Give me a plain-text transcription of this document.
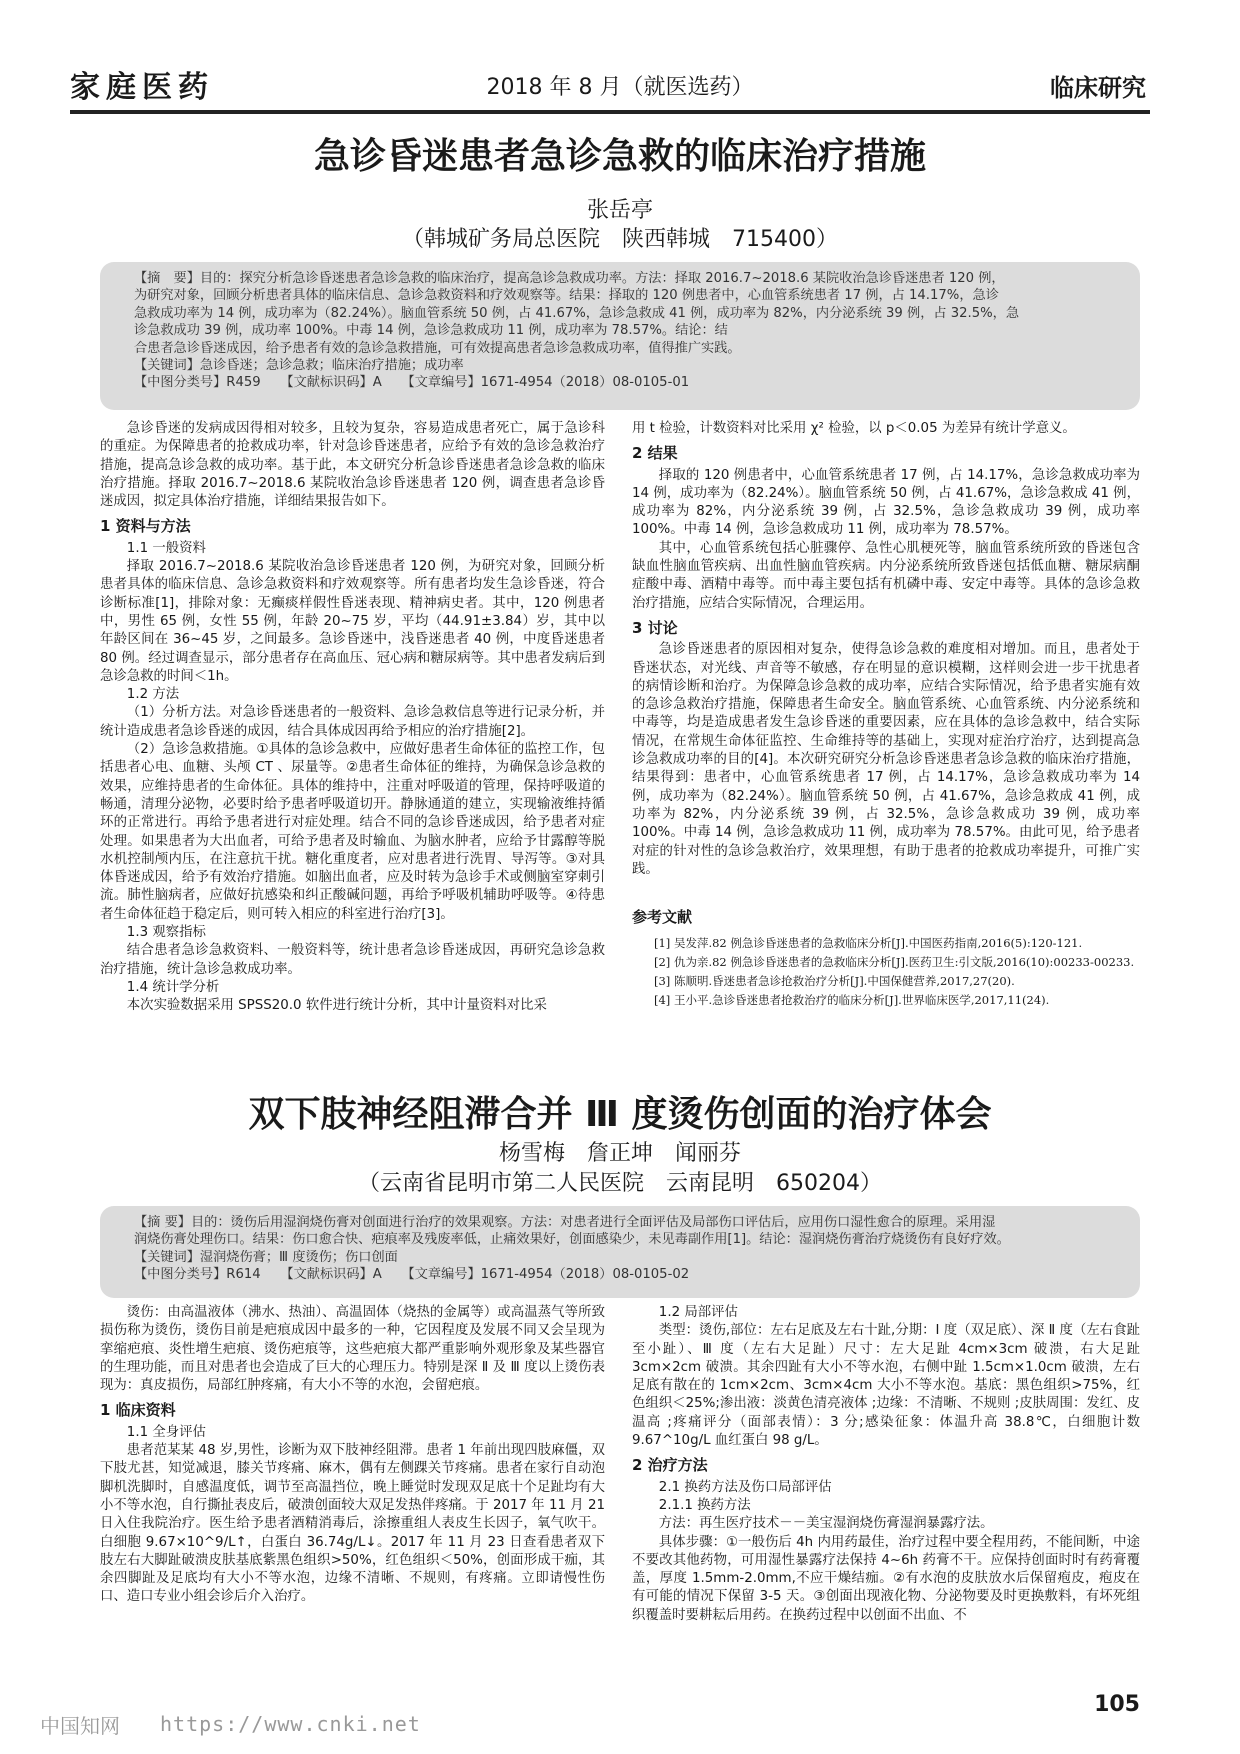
家庭医药	2018 年 8 月（就医选药）	临床研究
急诊昏迷患者急诊急救的临床治疗措施
张岳亭
（韩城矿务局总医院　陕西韩城　715400）

【摘　要】目的：探究分析急诊昏迷患者急诊急救的临床治疗，提高急诊急救成功率。方法：择取 2016.7~2018.6 某院收治急诊昏迷患者 120 例，

为研究对象，回顾分析患者具体的临床信息、急诊急救资料和疗效观察等。结果：择取的 120 例患者中，心血管系统患者 17 例，占 14.17%，急诊

急救成功率为 14 例，成功率为（82.24%）。脑血管系统 50 例，占 41.67%，急诊急救成 41 例，成功率为 82%，内分泌系统 39 例，占 32.5%，急

诊急救成功 39 例，成功率 100%。中毒 14 例，急诊急救成功 11 例，成功率为 78.57%。结论：结

合患者急诊昏迷成因，给予患者有效的急诊急救措施，可有效提高患者急诊急救成功率，值得推广实践。

【关键词】急诊昏迷；急诊急救；临床治疗措施；成功率

【中图分类号】R459　　【文献标识码】A　　【文章编号】1671-4954（2018）08-0105-01

急诊昏迷的发病成因得相对较多，且较为复杂，容易造成患者死亡，属于急诊科的重症。为保障患者的抢救成功率，针对急诊昏迷患者，应给予有效的急诊急救治疗措施，提高急诊急救的成功率。基于此，本文研究分析急诊昏迷患者急诊急救的临床治疗措施。择取 2016.7~2018.6 某院收治急诊昏迷患者 120 例，调查患者急诊昏迷成因，拟定具体治疗措施，详细结果报告如下。

1 资料与方法

1.1 一般资料

择取 2016.7~2018.6 某院收治急诊昏迷患者 120 例，为研究对象，回顾分析患者具体的临床信息、急诊急救资料和疗效观察等。所有患者均发生急诊昏迷，符合诊断标准[1]，排除对象：无癫痰样假性昏迷表现、精神病史者。其中，120 例患者中，男性 65 例，女性 55 例，年龄 20~75 岁，平均（44.91±3.84）岁，其中以年龄区间在 36~45 岁，之间最多。急诊昏迷中，浅昏迷患者 40 例，中度昏迷患者 80 例。经过调查显示，部分患者存在高血压、冠心病和糖尿病等。其中患者发病后到急诊急救的时间＜1h。

1.2 方法

（1）分析方法。对急诊昏迷患者的一般资料、急诊急救信息等进行记录分析，并统计造成患者急诊昏迷的成因，结合具体成因再给予相应的治疗措施[2]。

（2）急诊急救措施。①具体的急诊急救中，应做好患者生命体征的监控工作，包括患者心电、血糖、头颅 CT 、尿量等。②患者生命体征的维持，为确保急诊急救的效果，应维持患者的生命体征。具体的维持中，注重对呼吸道的管理，保持呼吸道的畅通，清理分泌物，必要时给予患者呼吸道切开。静脉通道的建立，实现输液维持循环的正常进行。再给予患者进行对症处理。结合不同的急诊昏迷成因，给予患者对症处理。如果患者为大出血者，可给予患者及时输血、为脑水肿者，应给予甘露醇等脱水机控制颅内压，在注意抗干扰。糖化重度者，应对患者进行洗胃、导泻等。③对具体昏迷成因，给予有效治疗措施。如脑出血者，应及时转为急诊手术或侧脑室穿刺引流。肺性脑病者，应做好抗感染和纠正酸碱问题，再给予呼吸机辅助呼吸等。④待患者生命体征趋于稳定后，则可转入相应的科室进行治疗[3]。

1.3 观察指标

结合患者急诊急救资料、一般资料等，统计患者急诊昏迷成因，再研究急诊急救治疗措施，统计急诊急救成功率。

1.4 统计学分析

本次实验数据采用 SPSS20.0 软件进行统计分析，其中计量资料对比采

用 t 检验，计数资料对比采用 χ² 检验，以 p＜0.05 为差异有统计学意义。

2 结果

择取的 120 例患者中，心血管系统患者 17 例，占 14.17%，急诊急救成功率为 14 例，成功率为（82.24%）。脑血管系统 50 例，占 41.67%，急诊急救成 41 例，成功率为 82%，内分泌系统 39 例，占 32.5%，急诊急救成功 39 例，成功率 100%。中毒 14 例，急诊急救成功 11 例，成功率为 78.57%。

其中，心血管系统包括心脏骤停、急性心肌梗死等，脑血管系统所致的昏迷包含缺血性脑血管疾病、出血性脑血管疾病。内分泌系统所致昏迷包括低血糖、糖尿病酮症酸中毒、酒精中毒等。而中毒主要包括有机磷中毒、安定中毒等。具体的急诊急救治疗措施，应结合实际情况，合理运用。

3 讨论

急诊昏迷患者的原因相对复杂，使得急诊急救的难度相对增加。而且，患者处于昏迷状态，对光线、声音等不敏感，存在明显的意识模糊，这样则会进一步干扰患者的病情诊断和治疗。为保障急诊急救的成功率，应结合实际情况，给予患者实施有效的急诊急救治疗措施，保障患者生命安全。脑血管系统、心血管系统、内分泌系统和中毒等，均是造成患者发生急诊昏迷的重要因素，应在具体的急诊急救中，结合实际情况，在常规生命体征监控、生命维持等的基础上，实现对症治疗治疗，达到提高急诊急救成功率的目的[4]。本次研究研究分析急诊昏迷患者急诊急救的临床治疗措施，结果得到：患者中，心血管系统患者 17 例，占 14.17%，急诊急救成功率为 14 例，成功率为（82.24%）。脑血管系统 50 例，占 41.67%，急诊急救成 41 例，成功率为 82%，内分泌系统 39 例，占 32.5%，急诊急救成功 39 例，成功率 100%。中毒 14 例，急诊急救成功 11 例，成功率为 78.57%。由此可见，给予患者对症的针对性的急诊急救治疗，效果理想，有助于患者的抢救成功率提升，可推广实践。

参考文献
[1] 吴发萍.82 例急诊昏迷患者的急救临床分析[J].中国医药指南,2016(5):120-121.
[2] 仇为亲.82 例急诊昏迷患者的急救临床分析[J].医药卫生:引文版,2016(10):00233-00233.
[3] 陈顺明.昏迷患者急诊抢救治疗分析[J].中国保健营养,2017,27(20).
[4] 王小平.急诊昏迷患者抢救治疗的临床分析[J].世界临床医学,2017,11(24).
双下肢神经阻滞合并 Ⅲ 度烫伤创面的治疗体会
杨雪梅　詹正坤　闻丽芬
（云南省昆明市第二人民医院　云南昆明　650204）

【摘 要】目的：烫伤后用湿润烧伤膏对创面进行治疗的效果观察。方法：对患者进行全面评估及局部伤口评估后，应用伤口湿性愈合的原理。采用湿

润烧伤膏处理伤口。结果：伤口愈合快、疤痕率及残废率低，止痛效果好，创面感染少，未见毒副作用[1]。结论：湿润烧伤膏治疗烧烫伤有良好疗效。

【关键词】湿润烧伤膏；Ⅲ 度烫伤；伤口创面

【中图分类号】R614　　【文献标识码】A　　【文章编号】1671-4954（2018）08-0105-02

烫伤：由高温液体（沸水、热油）、高温固体（烧热的金属等）或高温蒸气等所致损伤称为烫伤，烫伤目前是疤痕成因中最多的一种，它因程度及发展不同又会呈现为挛缩疤痕、炎性增生疤痕、烫伤疤痕等，这些疤痕大都严重影响外观形象及某些器官的生理功能，而且对患者也会造成了巨大的心理压力。特别是深 Ⅱ 及 Ⅲ 度以上烫伤表现为：真皮损伤，局部红肿疼痛，有大小不等的水泡，会留疤痕。

1 临床资料

1.1 全身评估

患者范某某 48 岁,男性，诊断为双下肢神经阻滞。患者 1 年前出现四肢麻僵，双下肢尤甚，知觉减退，膝关节疼痛、麻木，偶有左侧踝关节疼痛。患者在家行自动泡脚机洗脚时，自感温度低，调节至高温挡位，晚上睡觉时发现双足底十个足趾均有大小不等水泡，自行撕扯表皮后，破溃创面较大双足发热伴疼痛。于 2017 年 11 月 21 日入住我院治疗。医生给予患者酒精消毒后，涂擦重组人表皮生长因子，氧气吹干。白细胞 9.67×10^9/L↑，白蛋白 36.74g/L↓。2017 年 11 月 23 日查看患者双下肢左右大脚趾破溃皮肤基底紫黑色组织>50%，红色组织＜50%，创面形成干痂，其余四脚趾及足底均有大小不等水泡，边缘不清晰、不规则，有疼痛。立即请慢性伤口、造口专业小组会诊后介入治疗。

1.2 局部评估

类型：烫伤,部位：左右足底及左右十趾,分期：Ⅰ 度（双足底）、深 Ⅱ 度（左右食趾至小趾）、Ⅲ 度（左右大足趾）尺寸：左大足趾 4cm×3cm 破溃，右大足趾 3cm×2cm 破溃。其余四趾有大小不等水泡，右侧中趾 1.5cm×1.0cm 破溃，左右足底有散在的 1cm×2cm、3cm×4cm 大小不等水泡。基底：黑色组织>75%，红色组织＜25%;渗出液：淡黄色清亮液体 ;边缘：不清晰、不规则 ;皮肤周围：发红、皮温高 ;疼痛评分（面部表情）：3 分;感染征象：体温升高 38.8℃，白细胞计数 9.67^10g/L 血红蛋白 98 g/L。

2 治疗方法

2.1 换药方法及伤口局部评估

2.1.1 换药方法

方法：再生医疗技术－－美宝湿润烧伤膏湿润暴露疗法。

具体步骤：①一般伤后 4h 内用药最佳，治疗过程中要全程用药，不能间断，中途不要改其他药物，可用湿性暴露疗法保持 4~6h 药膏不干。应保持创面时时有药膏覆盖，厚度 1.5mm-2.0mm,不应干燥结痂。②有水泡的皮肤放水后保留疱皮，疱皮在有可能的情况下保留 3-5 天。③创面出现液化物、分泌物要及时更换敷料，有坏死组织覆盖时要耕耘后用药。在换药过程中以创面不出血、不

中国知网 https://www.cnki.net
105
